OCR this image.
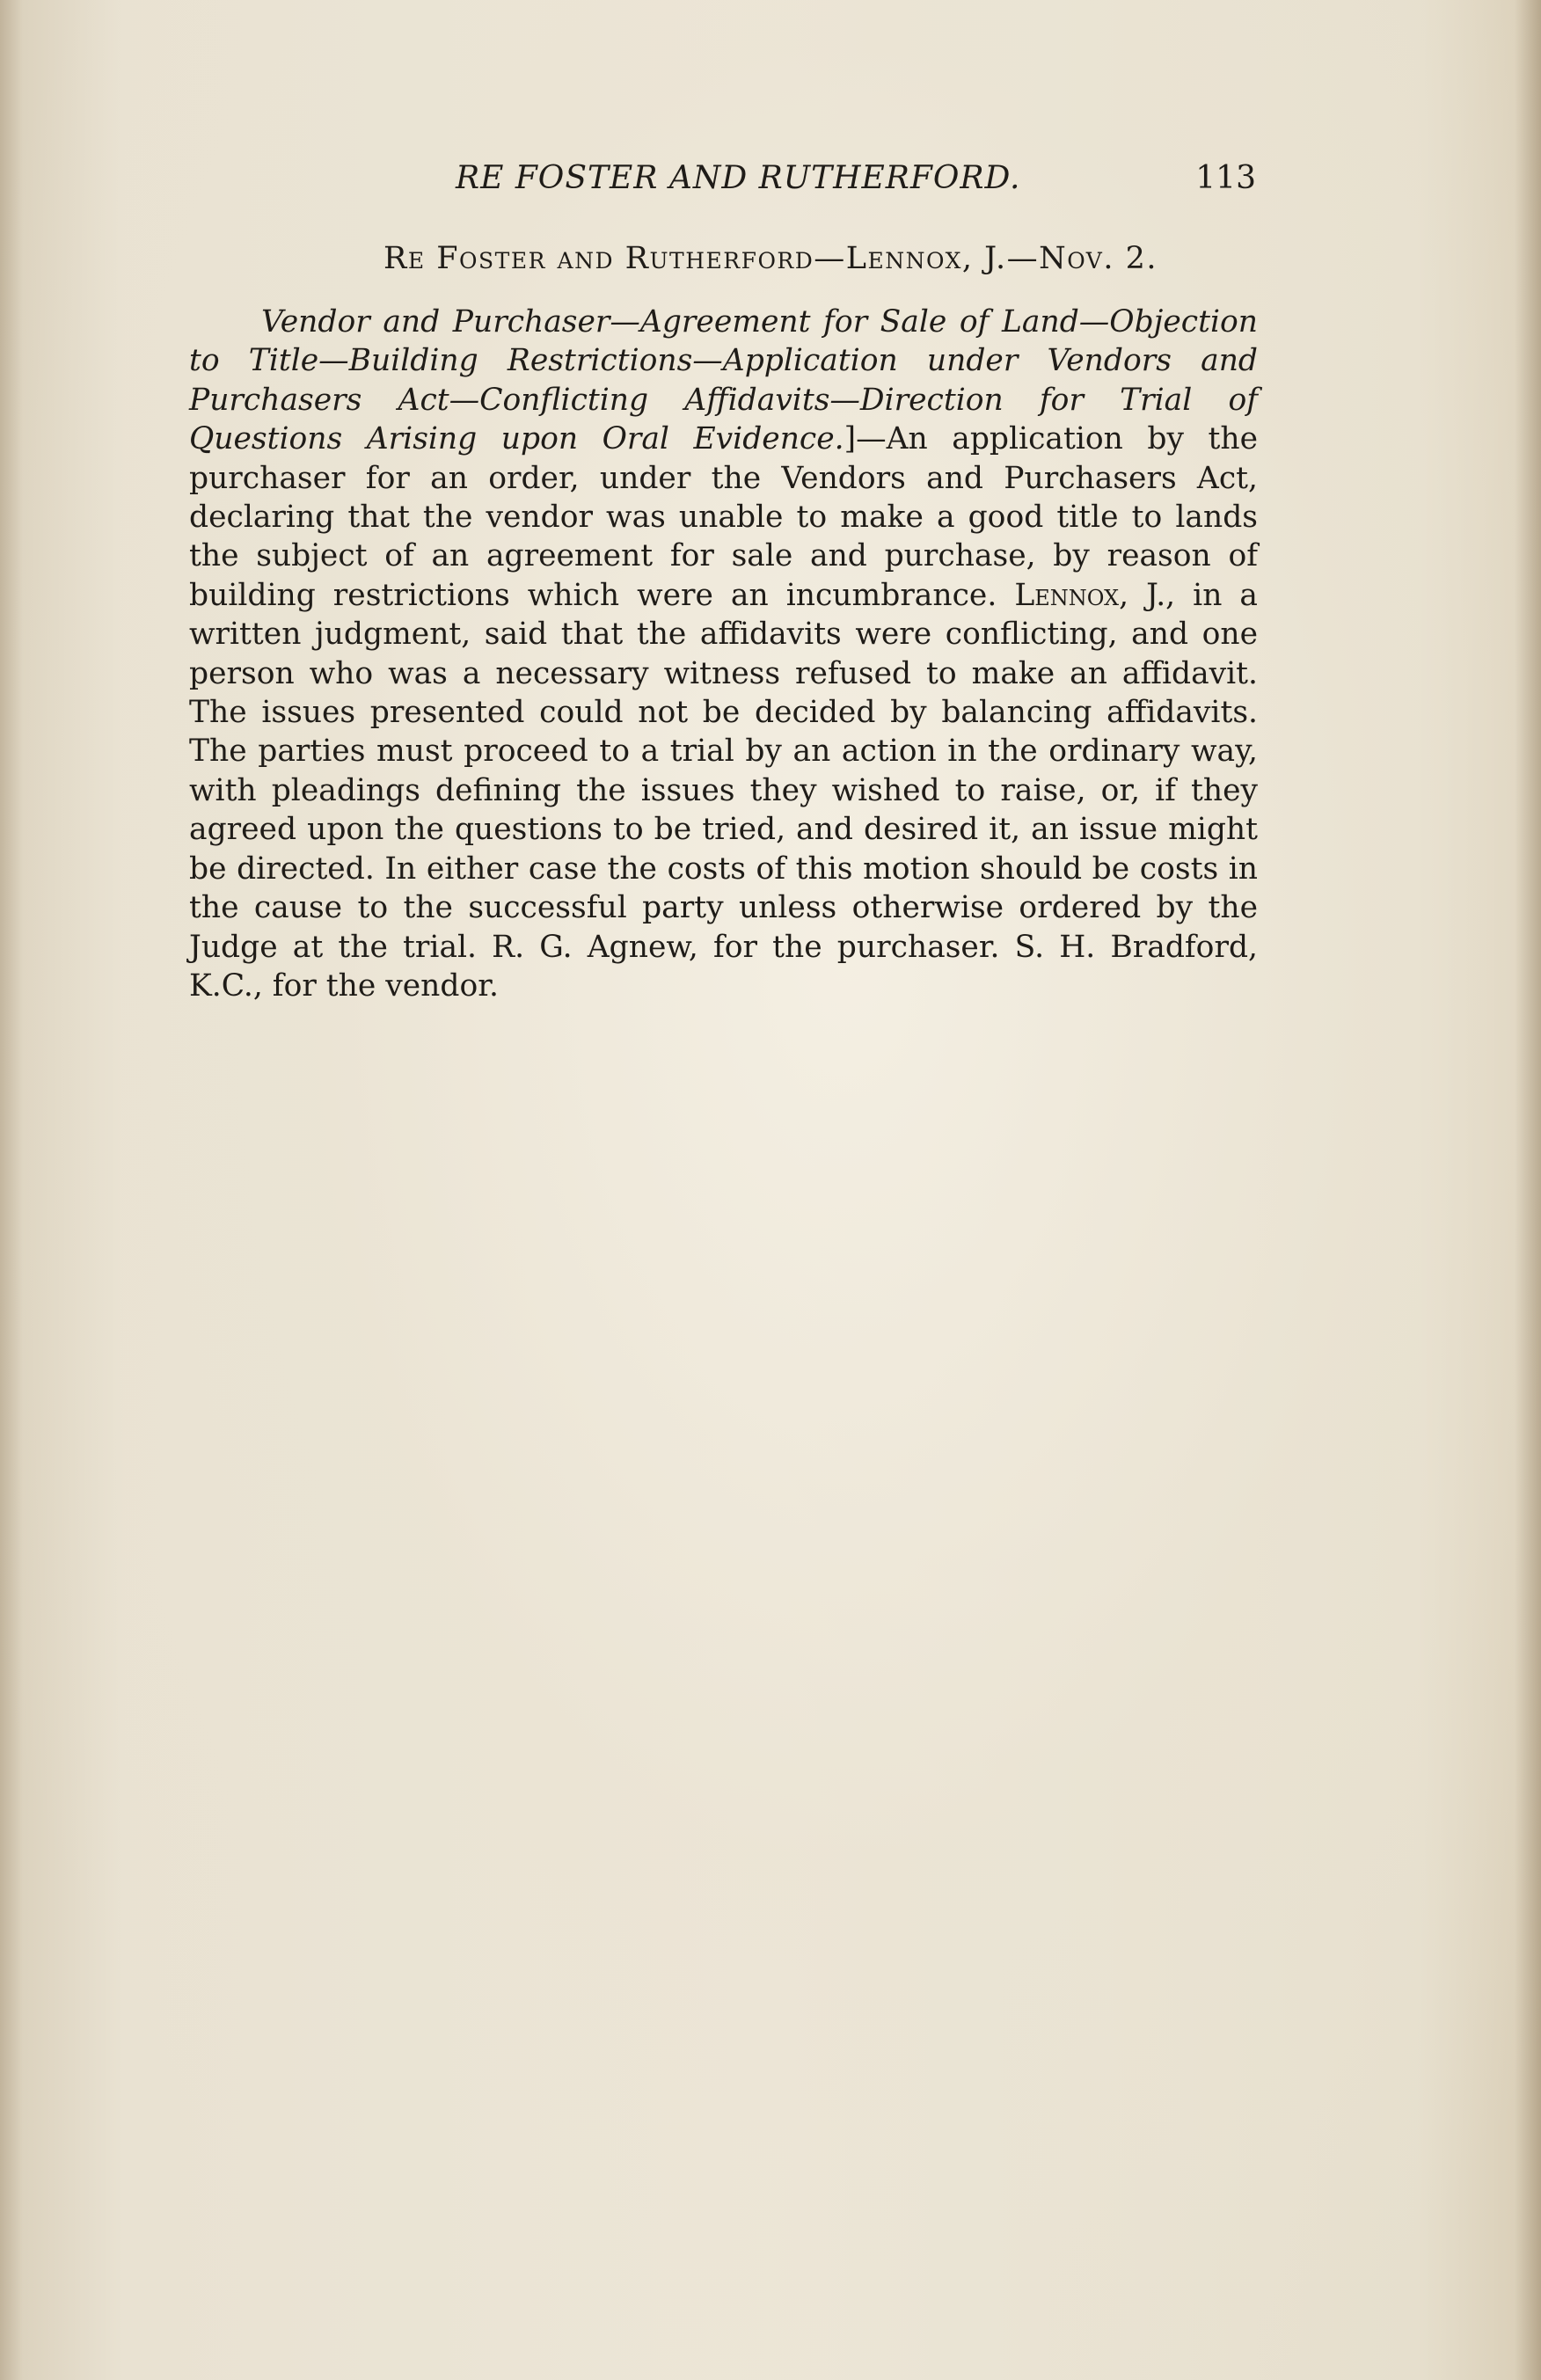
RE FOSTER AND RUTHERFORD.	113
Re Foster and Rutherford—Lennox, J.—Nov. 2.

Vendor and Purchaser—Agreement for Sale of Land—Objection to Title—Building Restrictions—Application under Vendors and Purchasers Act—Conflicting Affidavits—Direction for Trial of Questions Arising upon Oral Evidence.]—An application by the purchaser for an order, under the Vendors and Purchasers Act, declaring that the vendor was unable to make a good title to lands the subject of an agreement for sale and purchase, by reason of building restrictions which were an incumbrance. Lennox, J., in a written judgment, said that the affidavits were conflicting, and one person who was a necessary witness refused to make an affidavit. The issues presented could not be decided by balancing affidavits. The parties must proceed to a trial by an action in the ordinary way, with pleadings defining the issues they wished to raise, or, if they agreed upon the questions to be tried, and desired it, an issue might be directed. In either case the costs of this motion should be costs in the cause to the successful party unless otherwise ordered by the Judge at the trial. R. G. Agnew, for the purchaser. S. H. Bradford, K.C., for the vendor.
